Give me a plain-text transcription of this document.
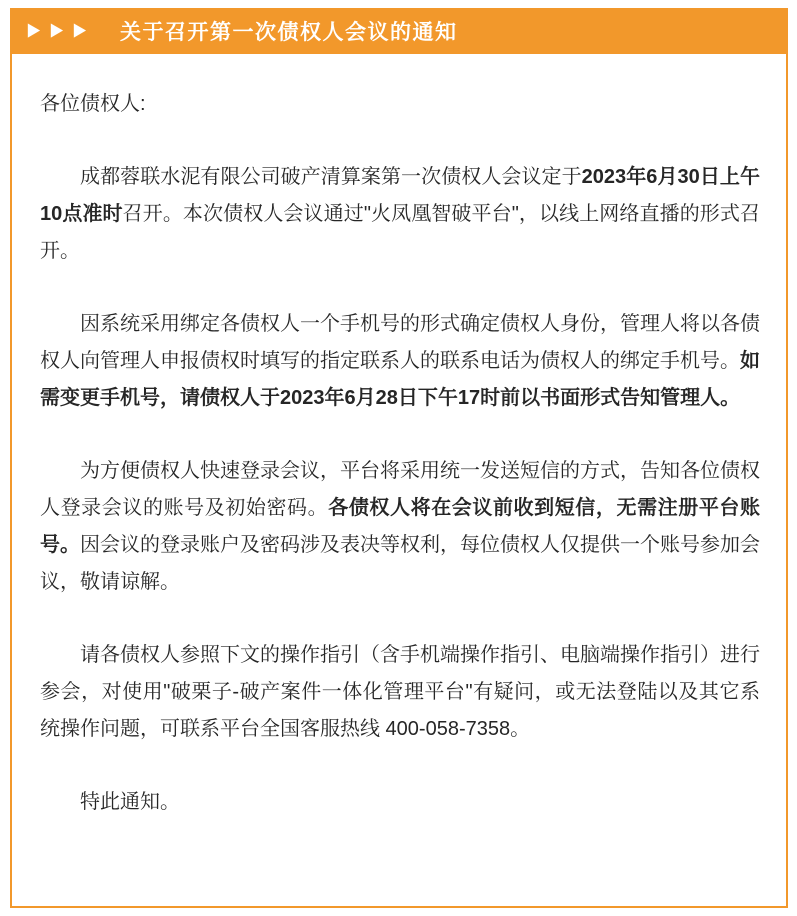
▶ ▶ ▶ 关于召开第一次债权人会议的通知

各位债权人:

成都蓉联水泥有限公司破产清算案第一次债权人会议定于2023年6月30日上午10点准时召开。本次债权人会议通过"火凤凰智破平台"，以线上网络直播的形式召开。

因系统采用绑定各债权人一个手机号的形式确定债权人身份，管理人将以各债权人向管理人申报债权时填写的指定联系人的联系电话为债权人的绑定手机号。如需变更手机号，请债权人于2023年6月28日下午17时前以书面形式告知管理人。

为方便债权人快速登录会议，平台将采用统一发送短信的方式，告知各位债权人登录会议的账号及初始密码。各债权人将在会议前收到短信，无需注册平台账号。因会议的登录账户及密码涉及表决等权利，每位债权人仅提供一个账号参加会议，敬请谅解。

请各债权人参照下文的操作指引（含手机端操作指引、电脑端操作指引）进行参会，对使用"破栗子-破产案件一体化管理平台"有疑问，或无法登陆以及其它系统操作问题，可联系平台全国客服热线 400-058-7358。

特此通知。
